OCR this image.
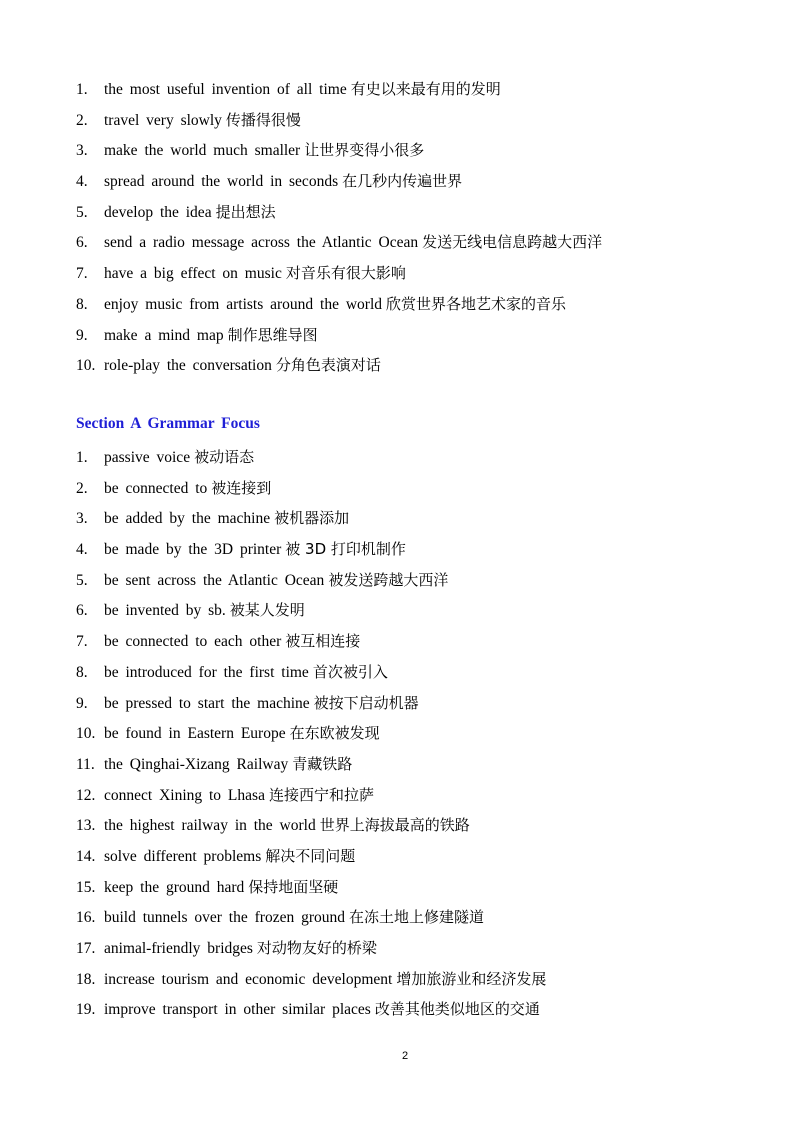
1. the most useful invention of all time 有史以来最有用的发明
2. travel very slowly 传播得很慢
3. make the world much smaller 让世界变得小很多
4. spread around the world in seconds 在几秒内传遍世界
5. develop the idea 提出想法
6. send a radio message across the Atlantic Ocean 发送无线电信息跨越大西洋
7. have a big effect on music 对音乐有很大影响
8. enjoy music from artists around the world 欣赏世界各地艺术家的音乐
9. make a mind map 制作思维导图
10. role-play the conversation 分角色表演对话
Section A Grammar Focus
1. passive voice 被动语态
2. be connected to 被连接到
3. be added by the machine 被机器添加
4. be made by the 3D printer 被 3D 打印机制作
5. be sent across the Atlantic Ocean 被发送跨越大西洋
6. be invented by sb. 被某人发明
7. be connected to each other 被互相连接
8. be introduced for the first time 首次被引入
9. be pressed to start the machine 被按下启动机器
10. be found in Eastern Europe 在东欧被发现
11. the Qinghai-Xizang Railway 青藏铁路
12. connect Xining to Lhasa 连接西宁和拉萨
13. the highest railway in the world 世界上海拔最高的铁路
14. solve different problems 解决不同问题
15. keep the ground hard 保持地面坚硬
16. build tunnels over the frozen ground 在冻土地上修建隧道
17. animal-friendly bridges 对动物友好的桥梁
18. increase tourism and economic development 增加旅游业和经济发展
19. improve transport in other similar places 改善其他类似地区的交通
2
